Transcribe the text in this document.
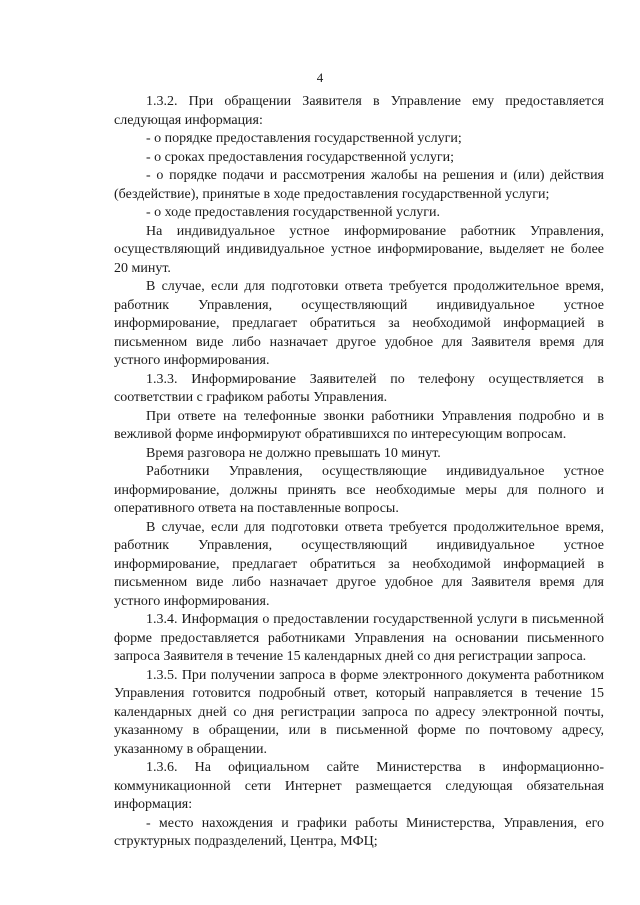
4

1.3.2. При обращении Заявителя в Управление ему предоставляется следующая информация:

- о порядке предоставления государственной услуги;

- о сроках предоставления государственной услуги;

- о порядке подачи и рассмотрения жалобы на решения и (или) действия (бездействие), принятые в ходе предоставления государственной услуги;

- о ходе предоставления государственной услуги.

На индивидуальное устное информирование работник Управления, осуществляющий индивидуальное устное информирование, выделяет не более 20 минут.

В случае, если для подготовки ответа требуется продолжительное время, работник Управления, осуществляющий индивидуальное устное информирование, предлагает обратиться за необходимой информацией в письменном виде либо назначает другое удобное для Заявителя время для устного информирования.

1.3.3. Информирование Заявителей по телефону осуществляется в соответствии с графиком работы Управления.

При ответе на телефонные звонки работники Управления подробно и в вежливой форме информируют обратившихся по интересующим вопросам.

Время разговора не должно превышать 10 минут.

Работники Управления, осуществляющие индивидуальное устное информирование, должны принять все необходимые меры для полного и оперативного ответа на поставленные вопросы.

В случае, если для подготовки ответа требуется продолжительное время, работник Управления, осуществляющий индивидуальное устное информирование, предлагает обратиться за необходимой информацией в письменном виде либо назначает другое удобное для Заявителя время для устного информирования.

1.3.4. Информация о предоставлении государственной услуги в письменной форме предоставляется работниками Управления на основании письменного запроса Заявителя в течение 15 календарных дней со дня регистрации запроса.

1.3.5. При получении запроса в форме электронного документа работником Управления готовится подробный ответ, который направляется в течение 15 календарных дней со дня регистрации запроса по адресу электронной почты, указанному в обращении, или в письменной форме по почтовому адресу, указанному в обращении.

1.3.6. На официальном сайте Министерства в информационно-коммуникационной сети Интернет размещается следующая обязательная информация:

- место нахождения и графики работы Министерства, Управления, его структурных подразделений, Центра, МФЦ;
